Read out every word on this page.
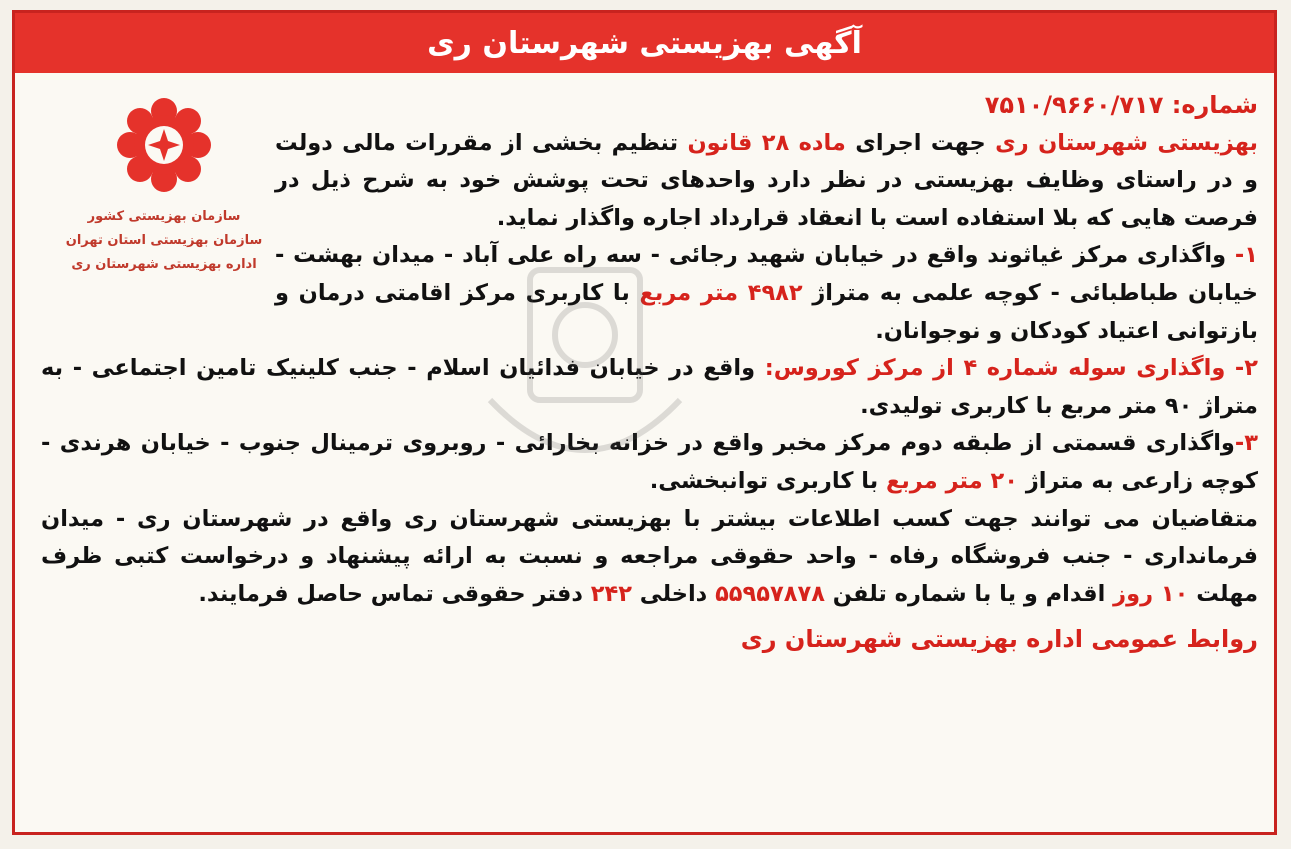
آگهی بهزیستی شهرستان ری
سازمان بهزیستی کشور
سازمان بهزیستی استان تهران
اداره بهزیستی شهرستان ری
شماره: ۷۵۱۰/۹۶۶۰/۷۱۷
بهزیستی شهرستان ری جهت اجرای ماده ۲۸ قانون تنظیم بخشی از مقررات مالی دولت و در راستای وظایف بهزیستی در نظر دارد واحدهای تحت پوشش خود به شرح ذیل در فرصت هایی که بلا استفاده است با انعقاد قرارداد اجاره واگذار نماید.
۱- واگذاری مرکز غیاثوند واقع در خیابان شهید رجائی - سه راه علی آباد - میدان بهشت - خیابان طباطبائی - کوچه علمی به متراژ ۴۹۸۲ متر مربع با کاربری مرکز اقامتی درمان و بازتوانی اعتیاد کودکان و نوجوانان.
۲- واگذاری سوله شماره ۴ از مرکز کوروس: واقع در خیابان فدائیان اسلام - جنب کلینیک تامین اجتماعی - به متراژ ۹۰ متر مربع با کاربری تولیدی.
۳-واگذاری قسمتی از طبقه دوم مرکز مخبر واقع در خزانه بخارائی - روبروی ترمینال جنوب - خیابان هرندی - کوچه زارعی به متراژ ۲۰ متر مربع با کاربری توانبخشی.
متقاضیان می توانند جهت کسب اطلاعات بیشتر با بهزیستی شهرستان ری واقع در شهرستان ری - میدان فرمانداری - جنب فروشگاه رفاه - واحد حقوقی مراجعه و نسبت به ارائه پیشنهاد و درخواست کتبی ظرف مهلت ۱۰ روز اقدام و یا با شماره تلفن ۵۵۹۵۷۸۷۸ داخلی ۲۴۲ دفتر حقوقی تماس حاصل فرمایند.
روابط عمومی اداره بهزیستی شهرستان ری
